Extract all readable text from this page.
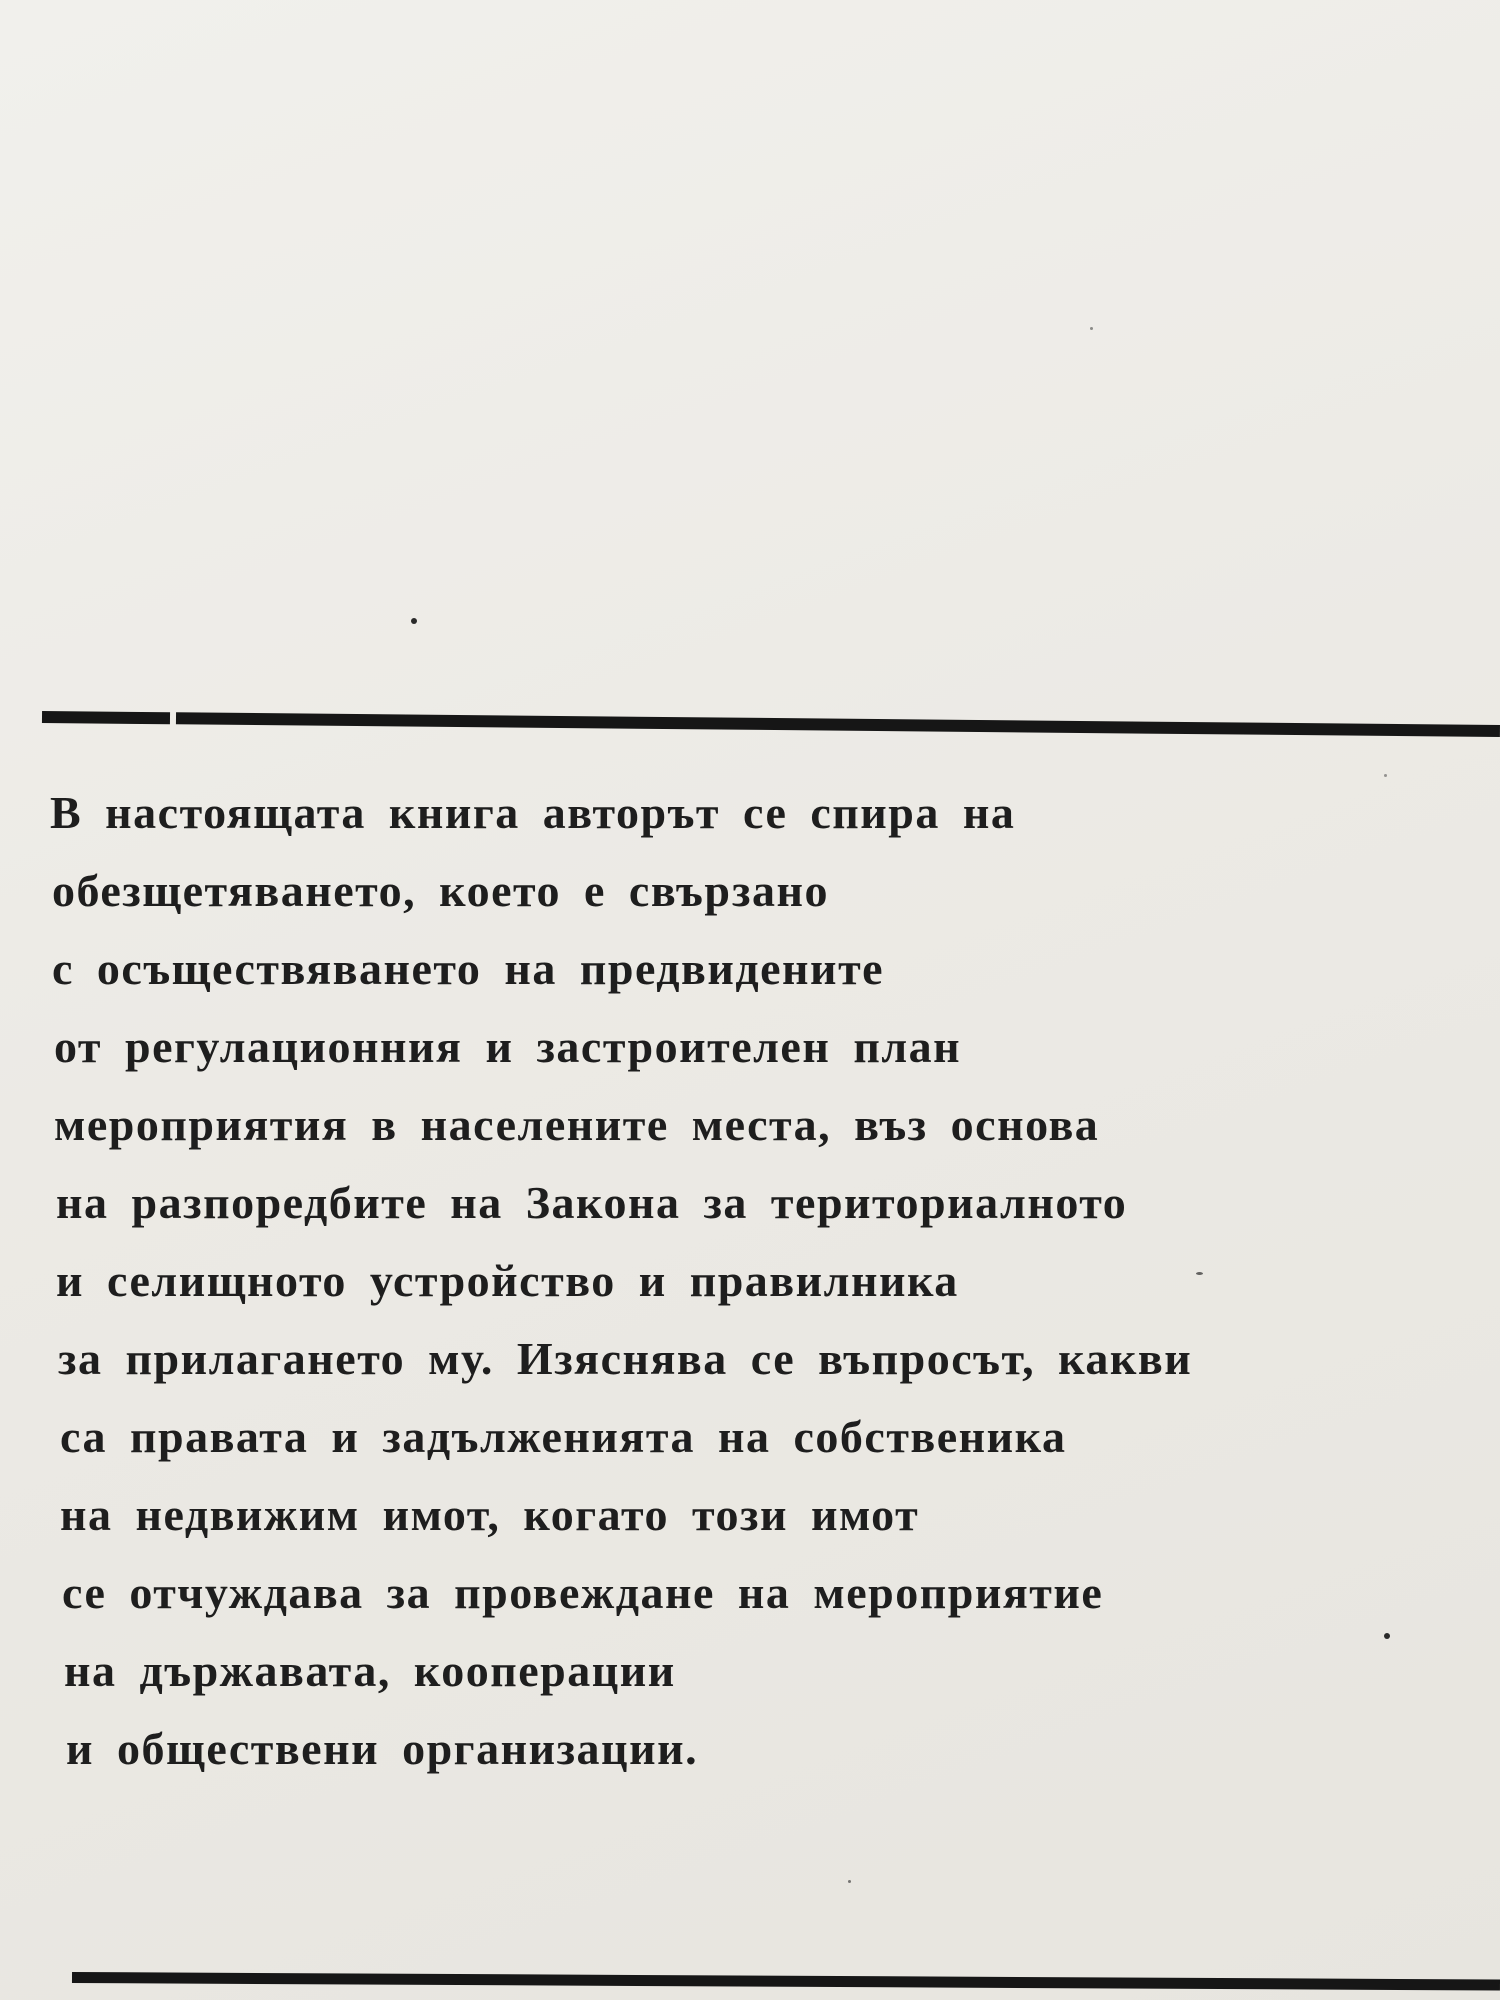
В настоящата книга авторът се спира на
обезщетяването, което е свързано
с осъществяването на предвидените
от регулационния и застроителен план
мероприятия в населените места, въз основа
на разпоредбите на Закона за териториалното
и селищното устройство и правилника
за прилагането му. Изяснява се въпросът, какви
са правата и задълженията на собственика
на недвижим имот, когато този имот
се отчуждава за провеждане на мероприятие
на държавата, кооперации
и обществени организации.
